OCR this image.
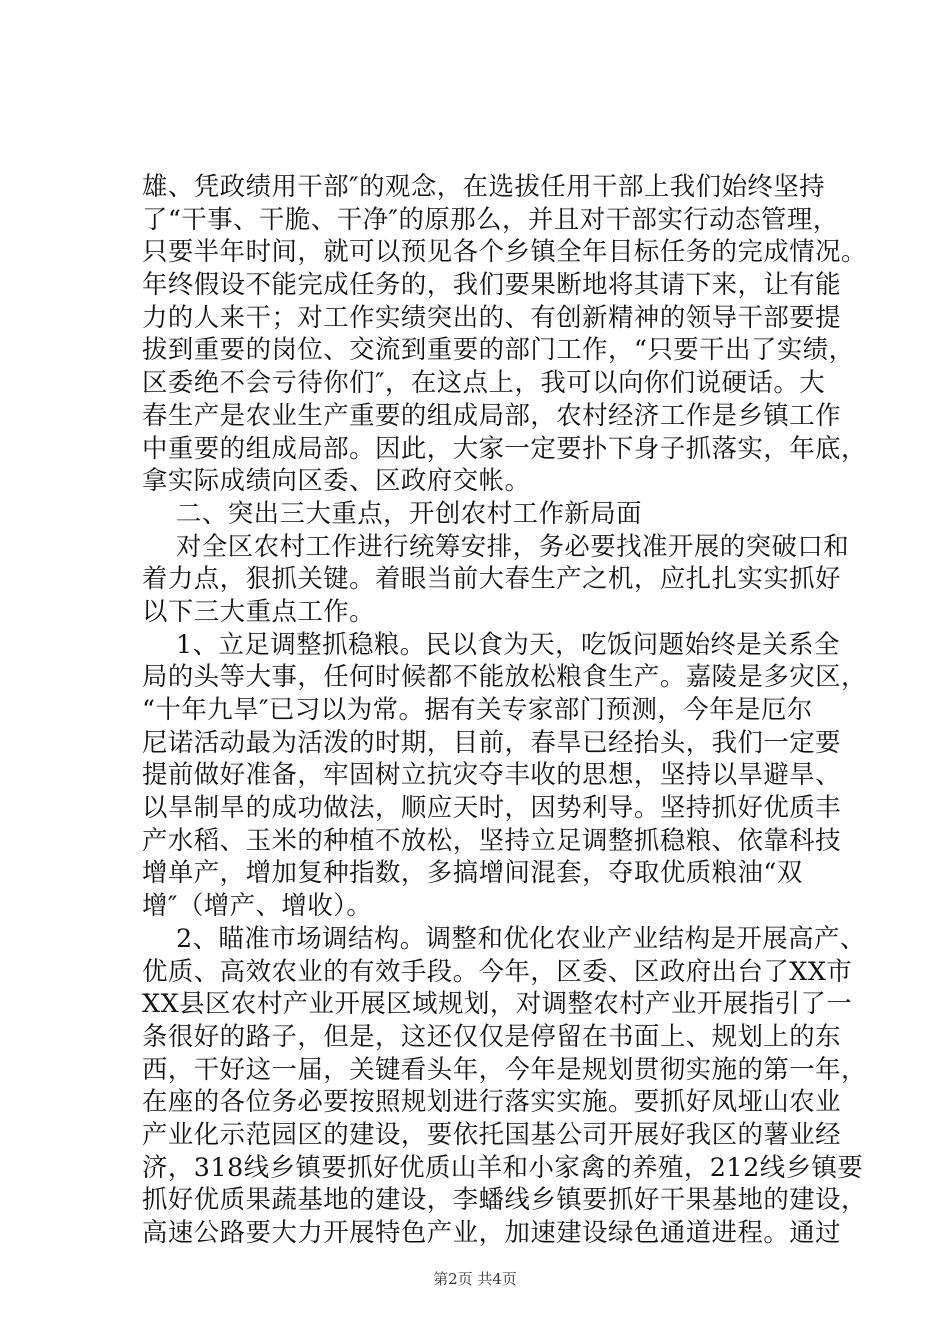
雄、凭政绩用干部″的观念，在选拔任用干部上我们始终坚持
了“干事、干脆、干净″的原那么，并且对干部实行动态管理，
只要半年时间，就可以预见各个乡镇全年目标任务的完成情况。
年终假设不能完成任务的，我们要果断地将其请下来，让有能
力的人来干；对工作实绩突出的、有创新精神的领导干部要提
拔到重要的岗位、交流到重要的部门工作，“只要干出了实绩，
区委绝不会亏待你们″，在这点上，我可以向你们说硬话。大
春生产是农业生产重要的组成局部，农村经济工作是乡镇工作
中重要的组成局部。因此，大家一定要扑下身子抓落实，年底，
拿实际成绩向区委、区政府交帐。
二、突出三大重点，开创农村工作新局面
对全区农村工作进行统筹安排，务必要找准开展的突破口和
着力点，狠抓关键。着眼当前大春生产之机，应扎扎实实抓好
以下三大重点工作。
1、立足调整抓稳粮。民以食为天，吃饭问题始终是关系全
局的头等大事，任何时候都不能放松粮食生产。嘉陵是多灾区，
“十年九旱″已习以为常。据有关专家部门预测，今年是厄尔
尼诺活动最为活泼的时期，目前，春旱已经抬头，我们一定要
提前做好准备，牢固树立抗灾夺丰收的思想，坚持以旱避旱、
以旱制旱的成功做法，顺应天时，因势利导。坚持抓好优质丰
产水稻、玉米的种植不放松，坚持立足调整抓稳粮、依靠科技
增单产，增加复种指数，多搞增间混套，夺取优质粮油“双
增″（增产、增收）。
2、瞄准市场调结构。调整和优化农业产业结构是开展高产、
优质、高效农业的有效手段。今年，区委、区政府出台了XX市
XX县区农村产业开展区域规划，对调整农村产业开展指引了一
条很好的路子，但是，这还仅仅是停留在书面上、规划上的东
西，干好这一届，关键看头年，今年是规划贯彻实施的第一年，
在座的各位务必要按照规划进行落实实施。要抓好凤垭山农业
产业化示范园区的建设，要依托国基公司开展好我区的薯业经
济，318线乡镇要抓好优质山羊和小家禽的养殖，212线乡镇要
抓好优质果蔬基地的建设，李蟠线乡镇要抓好干果基地的建设，
高速公路要大力开展特色产业，加速建设绿色通道进程。通过
第2页 共4页
